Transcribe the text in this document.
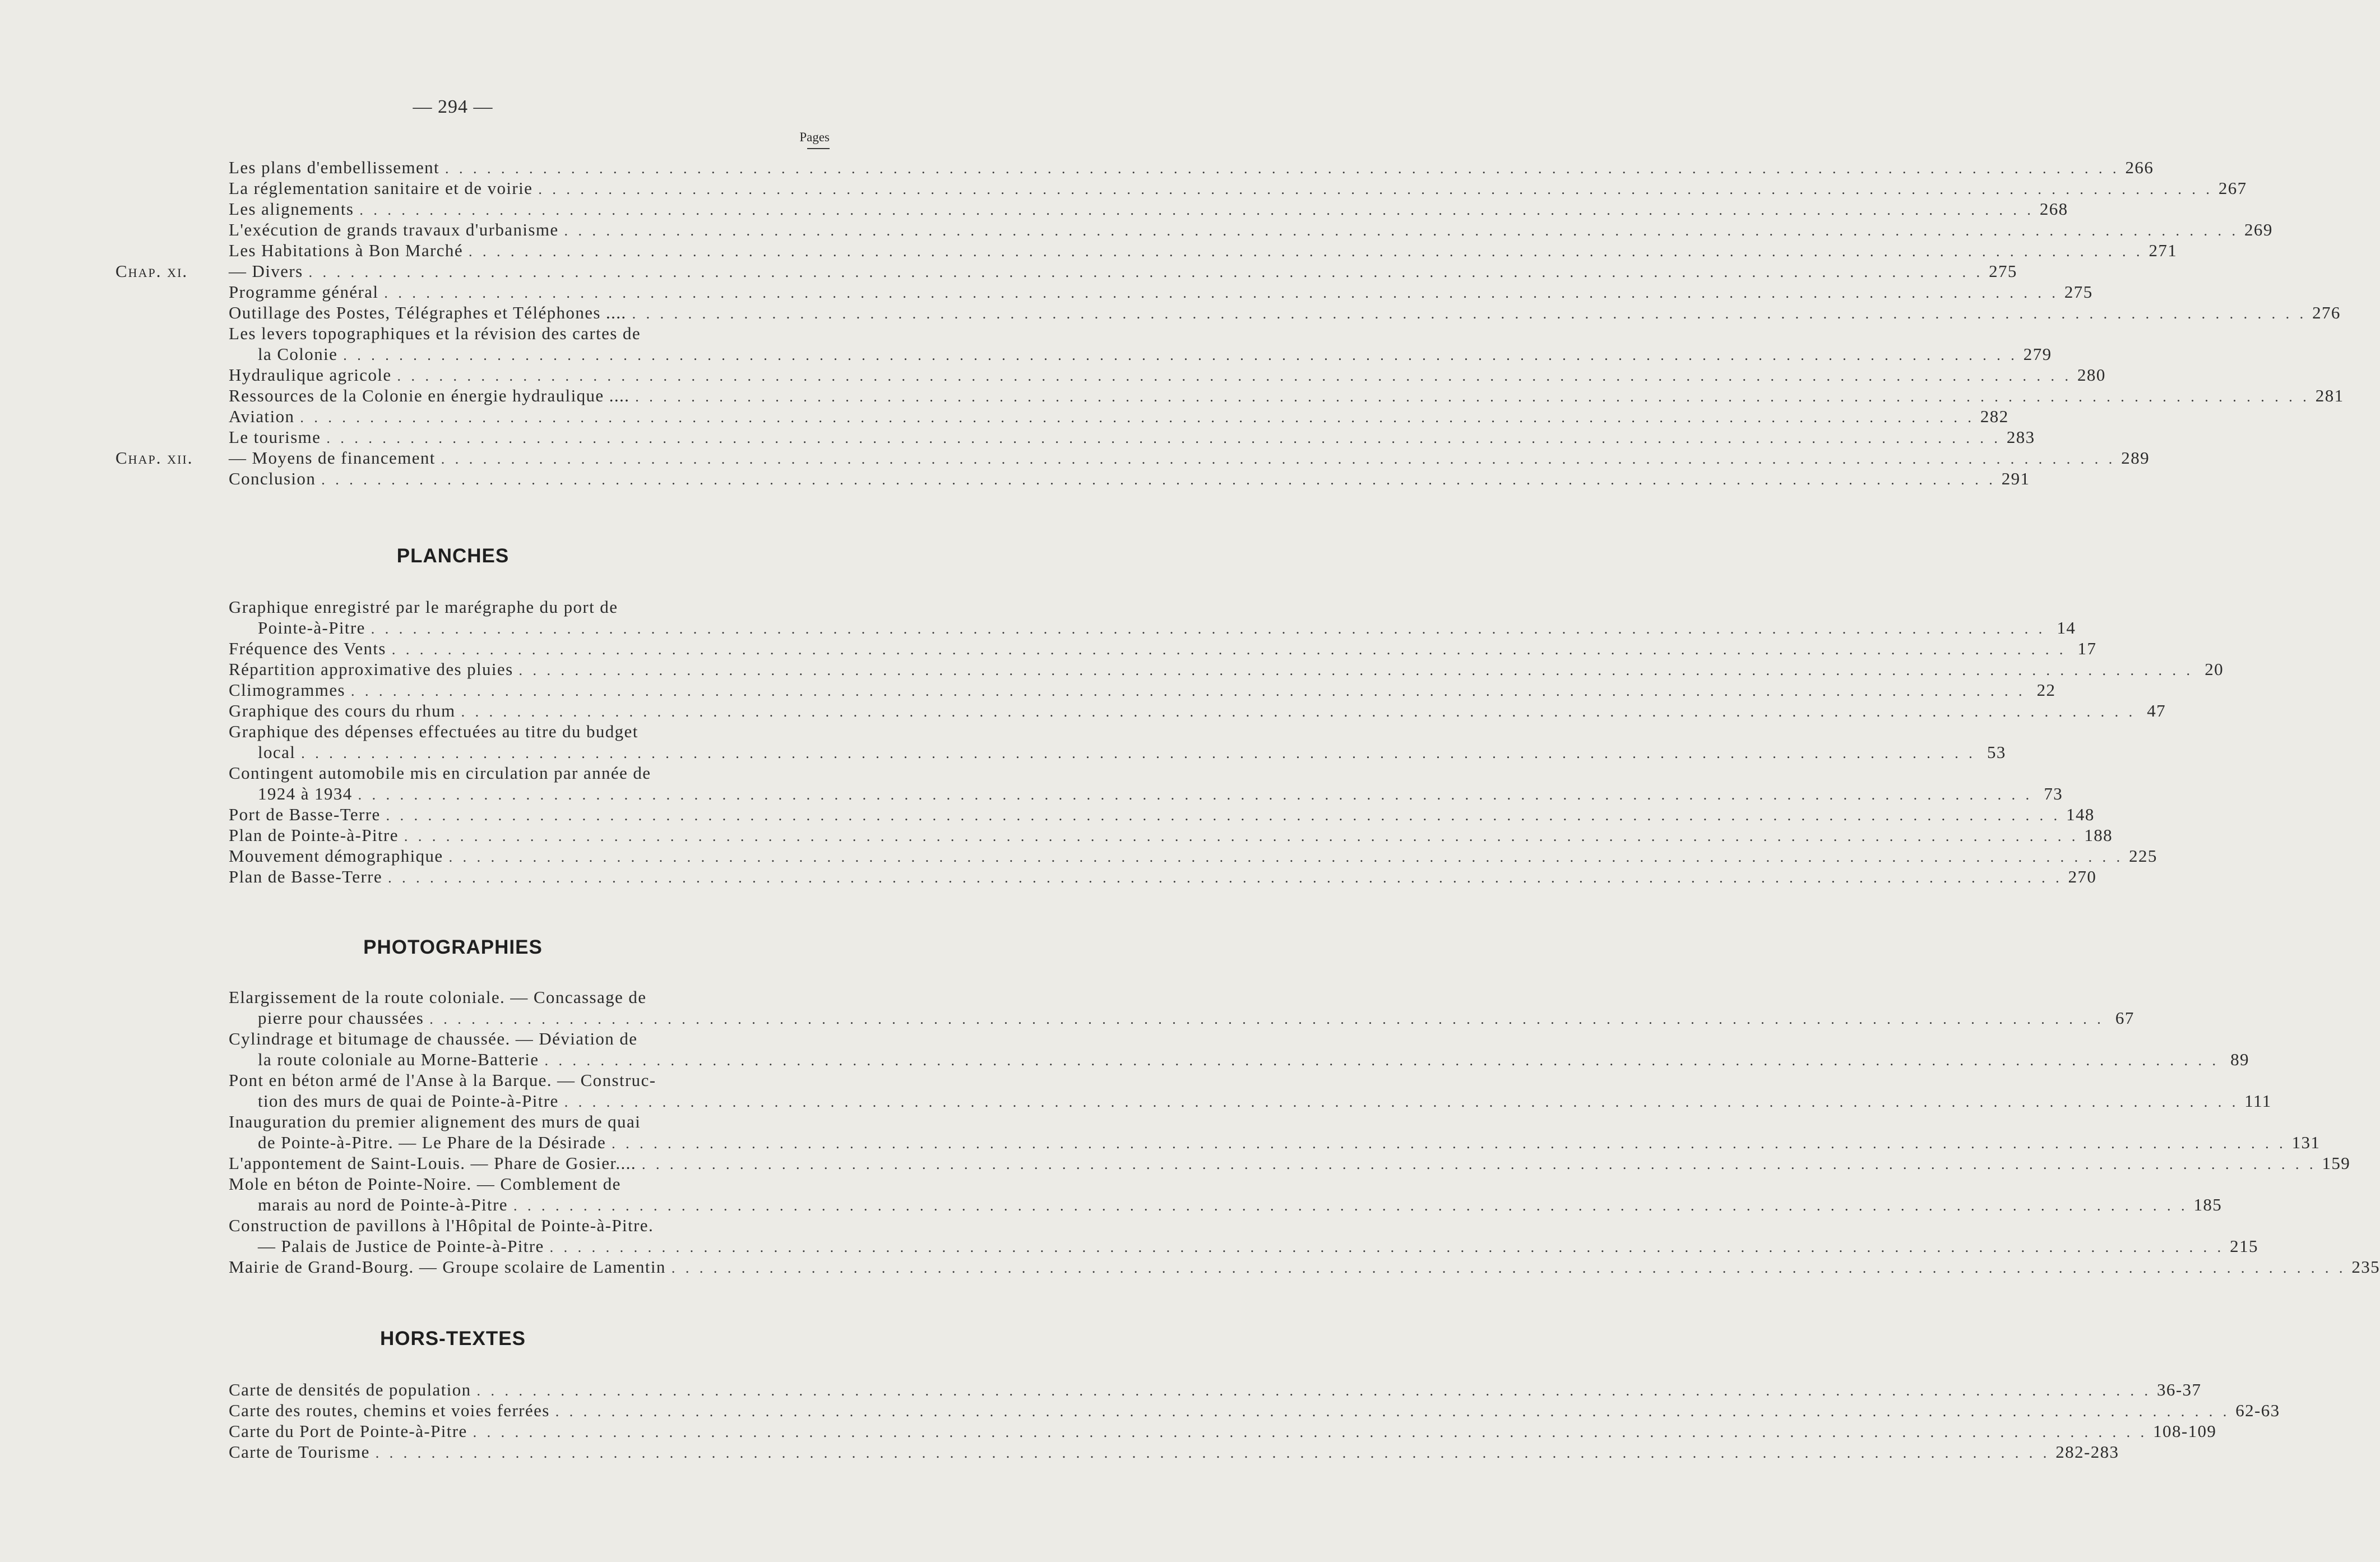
— 294 —
Pages
Les plans d'embellissement . . . . . . . . . . . . . . . . . . . . . . . . . . . . . . . . . . . . . . . . . . . . . . . . . . . . . . . . . . . . . . . . . . . . . . . . . . . . . . . . . . . . . . . . . . . . . . . . . . . . . . . . . . . . . . . . . . . . . . . . 266
La réglementation sanitaire et de voirie . . . . . . . . . . . . . . . . . . . . . . . . . . . . . . . . . . . . . . . . . . . . . . . . . . . . . . . . . . . . . . . . . . . . . . . . . . . . . . . . . . . . . . . . . . . . . . . . . . . . . . . . . . . . . . . . . . . . . . . . 267
Les alignements . . . . . . . . . . . . . . . . . . . . . . . . . . . . . . . . . . . . . . . . . . . . . . . . . . . . . . . . . . . . . . . . . . . . . . . . . . . . . . . . . . . . . . . . . . . . . . . . . . . . . . . . . . . . . . . . . . . . . . . . 268
L'exécution de grands travaux d'urbanisme . . . . . . . . . . . . . . . . . . . . . . . . . . . . . . . . . . . . . . . . . . . . . . . . . . . . . . . . . . . . . . . . . . . . . . . . . . . . . . . . . . . . . . . . . . . . . . . . . . . . . . . . . . . . . . . . . . . . . . . . 269
Les Habitations à Bon Marché . . . . . . . . . . . . . . . . . . . . . . . . . . . . . . . . . . . . . . . . . . . . . . . . . . . . . . . . . . . . . . . . . . . . . . . . . . . . . . . . . . . . . . . . . . . . . . . . . . . . . . . . . . . . . . . . . . . . . . . . 271
— Divers . . . . . . . . . . . . . . . . . . . . . . . . . . . . . . . . . . . . . . . . . . . . . . . . . . . . . . . . . . . . . . . . . . . . . . . . . . . . . . . . . . . . . . . . . . . . . . . . . . . . . . . . . . . . . . . . . . . . . . . . 275
Chap. xi.
Programme général . . . . . . . . . . . . . . . . . . . . . . . . . . . . . . . . . . . . . . . . . . . . . . . . . . . . . . . . . . . . . . . . . . . . . . . . . . . . . . . . . . . . . . . . . . . . . . . . . . . . . . . . . . . . . . . . . . . . . . . . 275
Outillage des Postes, Télégraphes et Téléphones .... . . . . . . . . . . . . . . . . . . . . . . . . . . . . . . . . . . . . . . . . . . . . . . . . . . . . . . . . . . . . . . . . . . . . . . . . . . . . . . . . . . . . . . . . . . . . . . . . . . . . . . . . . . . . . . . . . . . . . . . . 276
Les levers topographiques et la révision des cartes de
la Colonie . . . . . . . . . . . . . . . . . . . . . . . . . . . . . . . . . . . . . . . . . . . . . . . . . . . . . . . . . . . . . . . . . . . . . . . . . . . . . . . . . . . . . . . . . . . . . . . . . . . . . . . . . . . . . . . . . . . . . . . . 279
Hydraulique agricole . . . . . . . . . . . . . . . . . . . . . . . . . . . . . . . . . . . . . . . . . . . . . . . . . . . . . . . . . . . . . . . . . . . . . . . . . . . . . . . . . . . . . . . . . . . . . . . . . . . . . . . . . . . . . . . . . . . . . . . . 280
Ressources de la Colonie en énergie hydraulique .... . . . . . . . . . . . . . . . . . . . . . . . . . . . . . . . . . . . . . . . . . . . . . . . . . . . . . . . . . . . . . . . . . . . . . . . . . . . . . . . . . . . . . . . . . . . . . . . . . . . . . . . . . . . . . . . . . . . . . . . . 281
Aviation . . . . . . . . . . . . . . . . . . . . . . . . . . . . . . . . . . . . . . . . . . . . . . . . . . . . . . . . . . . . . . . . . . . . . . . . . . . . . . . . . . . . . . . . . . . . . . . . . . . . . . . . . . . . . . . . . . . . . . . . 282
Le tourisme . . . . . . . . . . . . . . . . . . . . . . . . . . . . . . . . . . . . . . . . . . . . . . . . . . . . . . . . . . . . . . . . . . . . . . . . . . . . . . . . . . . . . . . . . . . . . . . . . . . . . . . . . . . . . . . . . . . . . . . . 283
— Moyens de financement . . . . . . . . . . . . . . . . . . . . . . . . . . . . . . . . . . . . . . . . . . . . . . . . . . . . . . . . . . . . . . . . . . . . . . . . . . . . . . . . . . . . . . . . . . . . . . . . . . . . . . . . . . . . . . . . . . . . . . . . 289
Chap. xii.
Conclusion . . . . . . . . . . . . . . . . . . . . . . . . . . . . . . . . . . . . . . . . . . . . . . . . . . . . . . . . . . . . . . . . . . . . . . . . . . . . . . . . . . . . . . . . . . . . . . . . . . . . . . . . . . . . . . . . . . . . . . . . 291
PLANCHES
Graphique enregistré par le marégraphe du port de
Pointe-à-Pitre . . . . . . . . . . . . . . . . . . . . . . . . . . . . . . . . . . . . . . . . . . . . . . . . . . . . . . . . . . . . . . . . . . . . . . . . . . . . . . . . . . . . . . . . . . . . . . . . . . . . . . . . . . . . . . . . . . . . . . . . 14
Fréquence des Vents . . . . . . . . . . . . . . . . . . . . . . . . . . . . . . . . . . . . . . . . . . . . . . . . . . . . . . . . . . . . . . . . . . . . . . . . . . . . . . . . . . . . . . . . . . . . . . . . . . . . . . . . . . . . . . . . . . . . . . . . 17
Répartition approximative des pluies . . . . . . . . . . . . . . . . . . . . . . . . . . . . . . . . . . . . . . . . . . . . . . . . . . . . . . . . . . . . . . . . . . . . . . . . . . . . . . . . . . . . . . . . . . . . . . . . . . . . . . . . . . . . . . . . . . . . . . . . 20
Climogrammes . . . . . . . . . . . . . . . . . . . . . . . . . . . . . . . . . . . . . . . . . . . . . . . . . . . . . . . . . . . . . . . . . . . . . . . . . . . . . . . . . . . . . . . . . . . . . . . . . . . . . . . . . . . . . . . . . . . . . . . . 22
Graphique des cours du rhum . . . . . . . . . . . . . . . . . . . . . . . . . . . . . . . . . . . . . . . . . . . . . . . . . . . . . . . . . . . . . . . . . . . . . . . . . . . . . . . . . . . . . . . . . . . . . . . . . . . . . . . . . . . . . . . . . . . . . . . . 47
Graphique des dépenses effectuées au titre du budget
local . . . . . . . . . . . . . . . . . . . . . . . . . . . . . . . . . . . . . . . . . . . . . . . . . . . . . . . . . . . . . . . . . . . . . . . . . . . . . . . . . . . . . . . . . . . . . . . . . . . . . . . . . . . . . . . . . . . . . . . . 53
Contingent automobile mis en circulation par année de
1924 à 1934 . . . . . . . . . . . . . . . . . . . . . . . . . . . . . . . . . . . . . . . . . . . . . . . . . . . . . . . . . . . . . . . . . . . . . . . . . . . . . . . . . . . . . . . . . . . . . . . . . . . . . . . . . . . . . . . . . . . . . . . . 73
Port de Basse-Terre . . . . . . . . . . . . . . . . . . . . . . . . . . . . . . . . . . . . . . . . . . . . . . . . . . . . . . . . . . . . . . . . . . . . . . . . . . . . . . . . . . . . . . . . . . . . . . . . . . . . . . . . . . . . . . . . . . . . . . . . 148
Plan de Pointe-à-Pitre . . . . . . . . . . . . . . . . . . . . . . . . . . . . . . . . . . . . . . . . . . . . . . . . . . . . . . . . . . . . . . . . . . . . . . . . . . . . . . . . . . . . . . . . . . . . . . . . . . . . . . . . . . . . . . . . . . . . . . . . 188
Mouvement démographique . . . . . . . . . . . . . . . . . . . . . . . . . . . . . . . . . . . . . . . . . . . . . . . . . . . . . . . . . . . . . . . . . . . . . . . . . . . . . . . . . . . . . . . . . . . . . . . . . . . . . . . . . . . . . . . . . . . . . . . . 225
Plan de Basse-Terre . . . . . . . . . . . . . . . . . . . . . . . . . . . . . . . . . . . . . . . . . . . . . . . . . . . . . . . . . . . . . . . . . . . . . . . . . . . . . . . . . . . . . . . . . . . . . . . . . . . . . . . . . . . . . . . . . . . . . . . . 270
PHOTOGRAPHIES
Elargissement de la route coloniale. — Concassage de
pierre pour chaussées . . . . . . . . . . . . . . . . . . . . . . . . . . . . . . . . . . . . . . . . . . . . . . . . . . . . . . . . . . . . . . . . . . . . . . . . . . . . . . . . . . . . . . . . . . . . . . . . . . . . . . . . . . . . . . . . . . . . . . . . 67
Cylindrage et bitumage de chaussée. — Déviation de
la route coloniale au Morne-Batterie . . . . . . . . . . . . . . . . . . . . . . . . . . . . . . . . . . . . . . . . . . . . . . . . . . . . . . . . . . . . . . . . . . . . . . . . . . . . . . . . . . . . . . . . . . . . . . . . . . . . . . . . . . . . . . . . . . . . . . . . 89
Pont en béton armé de l'Anse à la Barque. — Construc-
tion des murs de quai de Pointe-à-Pitre . . . . . . . . . . . . . . . . . . . . . . . . . . . . . . . . . . . . . . . . . . . . . . . . . . . . . . . . . . . . . . . . . . . . . . . . . . . . . . . . . . . . . . . . . . . . . . . . . . . . . . . . . . . . . . . . . . . . . . . . 111
Inauguration du premier alignement des murs de quai
de Pointe-à-Pitre. — Le Phare de la Désirade . . . . . . . . . . . . . . . . . . . . . . . . . . . . . . . . . . . . . . . . . . . . . . . . . . . . . . . . . . . . . . . . . . . . . . . . . . . . . . . . . . . . . . . . . . . . . . . . . . . . . . . . . . . . . . . . . . . . . . . . 131
L'appontement de Saint-Louis. — Phare de Gosier.... . . . . . . . . . . . . . . . . . . . . . . . . . . . . . . . . . . . . . . . . . . . . . . . . . . . . . . . . . . . . . . . . . . . . . . . . . . . . . . . . . . . . . . . . . . . . . . . . . . . . . . . . . . . . . . . . . . . . . . . . 159
Mole en béton de Pointe-Noire. — Comblement de
marais au nord de Pointe-à-Pitre . . . . . . . . . . . . . . . . . . . . . . . . . . . . . . . . . . . . . . . . . . . . . . . . . . . . . . . . . . . . . . . . . . . . . . . . . . . . . . . . . . . . . . . . . . . . . . . . . . . . . . . . . . . . . . . . . . . . . . . . 185
Construction de pavillons à l'Hôpital de Pointe-à-Pitre.
— Palais de Justice de Pointe-à-Pitre . . . . . . . . . . . . . . . . . . . . . . . . . . . . . . . . . . . . . . . . . . . . . . . . . . . . . . . . . . . . . . . . . . . . . . . . . . . . . . . . . . . . . . . . . . . . . . . . . . . . . . . . . . . . . . . . . . . . . . . . 215
Mairie de Grand-Bourg. — Groupe scolaire de Lamentin . . . . . . . . . . . . . . . . . . . . . . . . . . . . . . . . . . . . . . . . . . . . . . . . . . . . . . . . . . . . . . . . . . . . . . . . . . . . . . . . . . . . . . . . . . . . . . . . . . . . . . . . . . . . . . . . . . . . . . . . 235
HORS-TEXTES
Carte de densités de population . . . . . . . . . . . . . . . . . . . . . . . . . . . . . . . . . . . . . . . . . . . . . . . . . . . . . . . . . . . . . . . . . . . . . . . . . . . . . . . . . . . . . . . . . . . . . . . . . . . . . . . . . . . . . . . . . . . . . . . . 36-37
Carte des routes, chemins et voies ferrées . . . . . . . . . . . . . . . . . . . . . . . . . . . . . . . . . . . . . . . . . . . . . . . . . . . . . . . . . . . . . . . . . . . . . . . . . . . . . . . . . . . . . . . . . . . . . . . . . . . . . . . . . . . . . . . . . . . . . . . . 62-63
Carte du Port de Pointe-à-Pitre . . . . . . . . . . . . . . . . . . . . . . . . . . . . . . . . . . . . . . . . . . . . . . . . . . . . . . . . . . . . . . . . . . . . . . . . . . . . . . . . . . . . . . . . . . . . . . . . . . . . . . . . . . . . . . . . . . . . . . . . 108-109
Carte de Tourisme . . . . . . . . . . . . . . . . . . . . . . . . . . . . . . . . . . . . . . . . . . . . . . . . . . . . . . . . . . . . . . . . . . . . . . . . . . . . . . . . . . . . . . . . . . . . . . . . . . . . . . . . . . . . . . . . . . . . . . . . 282-283
